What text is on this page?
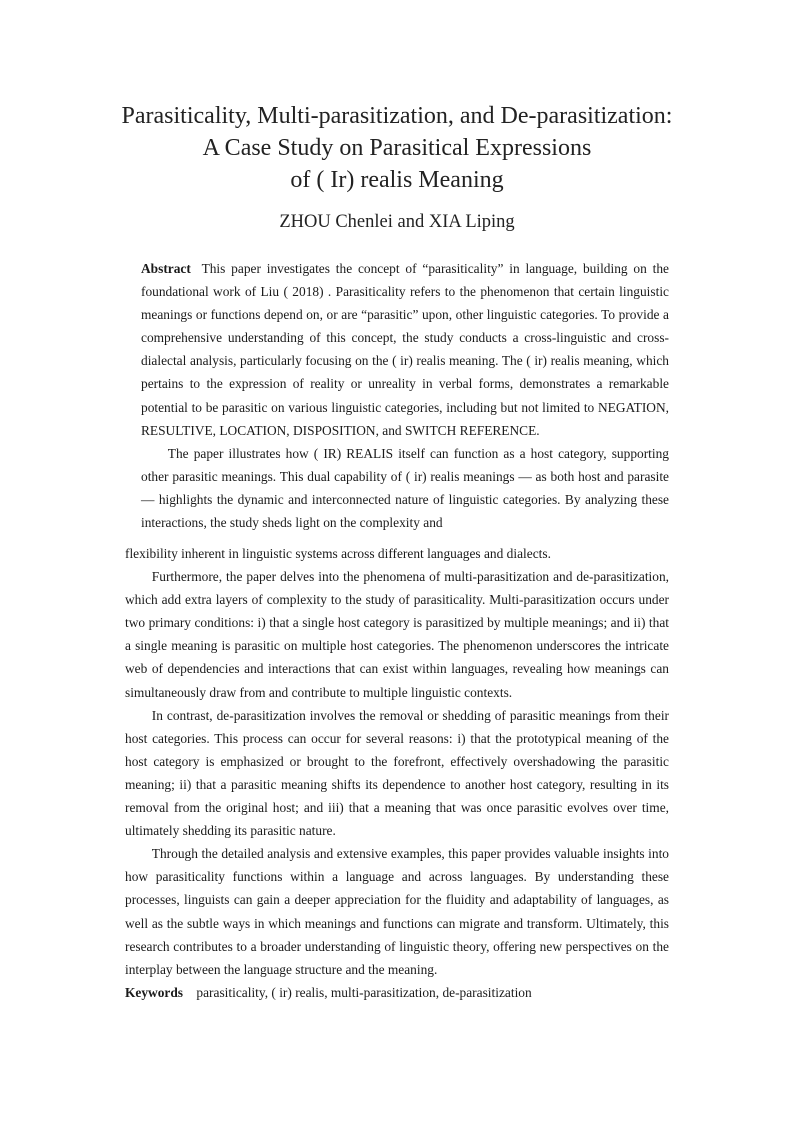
Parasiticality, Multi-parasitization, and De-parasitization:
A Case Study on Parasitical Expressions
of ( Ir) realis Meaning
ZHOU Chenlei and XIA Liping

Abstract This paper investigates the concept of “parasiticality” in language, building on the foundational work of Liu ( 2018) . Parasiticality refers to the phenomenon that certain linguistic meanings or functions depend on, or are “parasitic” upon, other linguistic categories. To provide a comprehensive understanding of this concept, the study conducts a cross-linguistic and cross-dialectal analysis, particularly focusing on the ( ir) realis meaning. The ( ir) realis meaning, which pertains to the expression of reality or unreality in verbal forms, demonstrates a remarkable potential to be parasitic on various linguistic categories, including but not limited to NEGATION, RESULTIVE, LOCATION, DISPOSITION, and SWITCH REFERENCE.

The paper illustrates how ( IR) REALIS itself can function as a host category, supporting other parasitic meanings. This dual capability of ( ir) realis meanings — as both host and parasite — highlights the dynamic and interconnected nature of linguistic categories. By analyzing these interactions, the study sheds light on the complexity and

flexibility inherent in linguistic systems across different languages and dialects.

Furthermore, the paper delves into the phenomena of multi-parasitization and de-parasitization, which add extra layers of complexity to the study of parasiticality. Multi-parasitization occurs under two primary conditions: i) that a single host category is parasitized by multiple meanings; and ii) that a single meaning is parasitic on multiple host categories. The phenomenon underscores the intricate web of dependencies and interactions that can exist within languages, revealing how meanings can simultaneously draw from and contribute to multiple linguistic contexts.

In contrast, de-parasitization involves the removal or shedding of parasitic meanings from their host categories. This process can occur for several reasons: i) that the prototypical meaning of the host category is emphasized or brought to the forefront, effectively overshadowing the parasitic meaning; ii) that a parasitic meaning shifts its dependence to another host category, resulting in its removal from the original host; and iii) that a meaning that was once parasitic evolves over time, ultimately shedding its parasitic nature.

Through the detailed analysis and extensive examples, this paper provides valuable insights into how parasiticality functions within a language and across languages. By understanding these processes, linguists can gain a deeper appreciation for the fluidity and adaptability of languages, as well as the subtle ways in which meanings and functions can migrate and transform. Ultimately, this research contributes to a broader understanding of linguistic theory, offering new perspectives on the interplay between the language structure and the meaning.

Keywords parasiticality, ( ir) realis, multi-parasitization, de-parasitization
